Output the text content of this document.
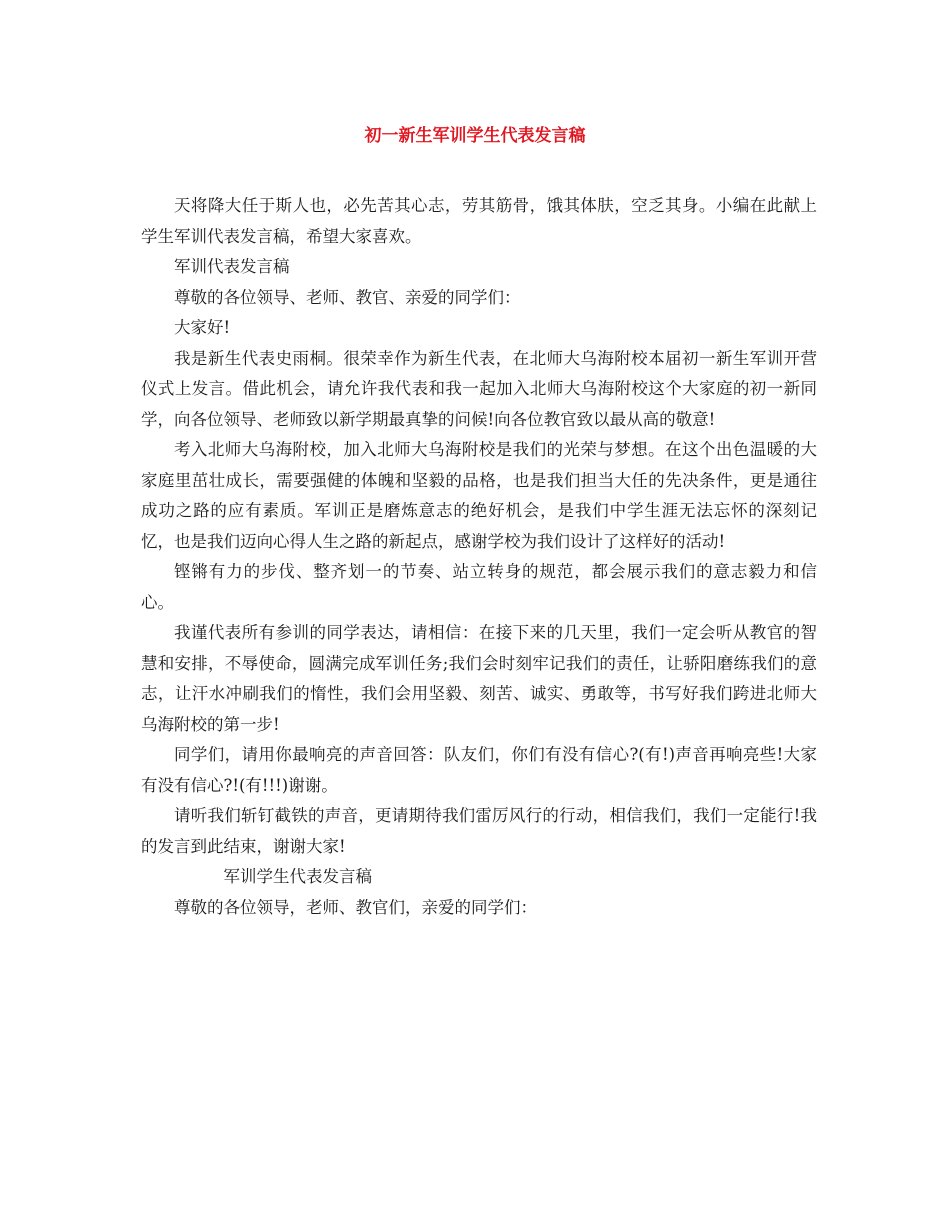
初一新生军训学生代表发言稿

天将降大任于斯人也，必先苦其心志，劳其筋骨，饿其体肤，空乏其身。小编在此献上学生军训代表发言稿，希望大家喜欢。

军训代表发言稿

尊敬的各位领导、老师、教官、亲爱的同学们：

大家好!

我是新生代表史雨桐。很荣幸作为新生代表，在北师大乌海附校本届初一新生军训开营仪式上发言。借此机会，请允许我代表和我一起加入北师大乌海附校这个大家庭的初一新同学，向各位领导、老师致以新学期最真挚的问候!向各位教官致以最从高的敬意!

考入北师大乌海附校，加入北师大乌海附校是我们的光荣与梦想。在这个出色温暖的大家庭里茁壮成长，需要强健的体魄和坚毅的品格，也是我们担当大任的先决条件，更是通往成功之路的应有素质。军训正是磨炼意志的绝好机会，是我们中学生涯无法忘怀的深刻记忆，也是我们迈向心得人生之路的新起点，感谢学校为我们设计了这样好的活动!

铿锵有力的步伐、整齐划一的节奏、站立转身的规范，都会展示我们的意志毅力和信心。

我谨代表所有参训的同学表达，请相信：在接下来的几天里，我们一定会听从教官的智慧和安排，不辱使命，圆满完成军训任务;我们会时刻牢记我们的责任，让骄阳磨练我们的意志，让汗水冲刷我们的惰性，我们会用坚毅、刻苦、诚实、勇敢等，书写好我们跨进北师大乌海附校的第一步!

同学们，请用你最响亮的声音回答：队友们，你们有没有信心?(有!)声音再响亮些!大家有没有信心?!(有!!!)谢谢。

请听我们斩钉截铁的声音，更请期待我们雷厉风行的行动，相信我们，我们一定能行!我的发言到此结束，谢谢大家!

军训学生代表发言稿

尊敬的各位领导，老师、教官们，亲爱的同学们：
